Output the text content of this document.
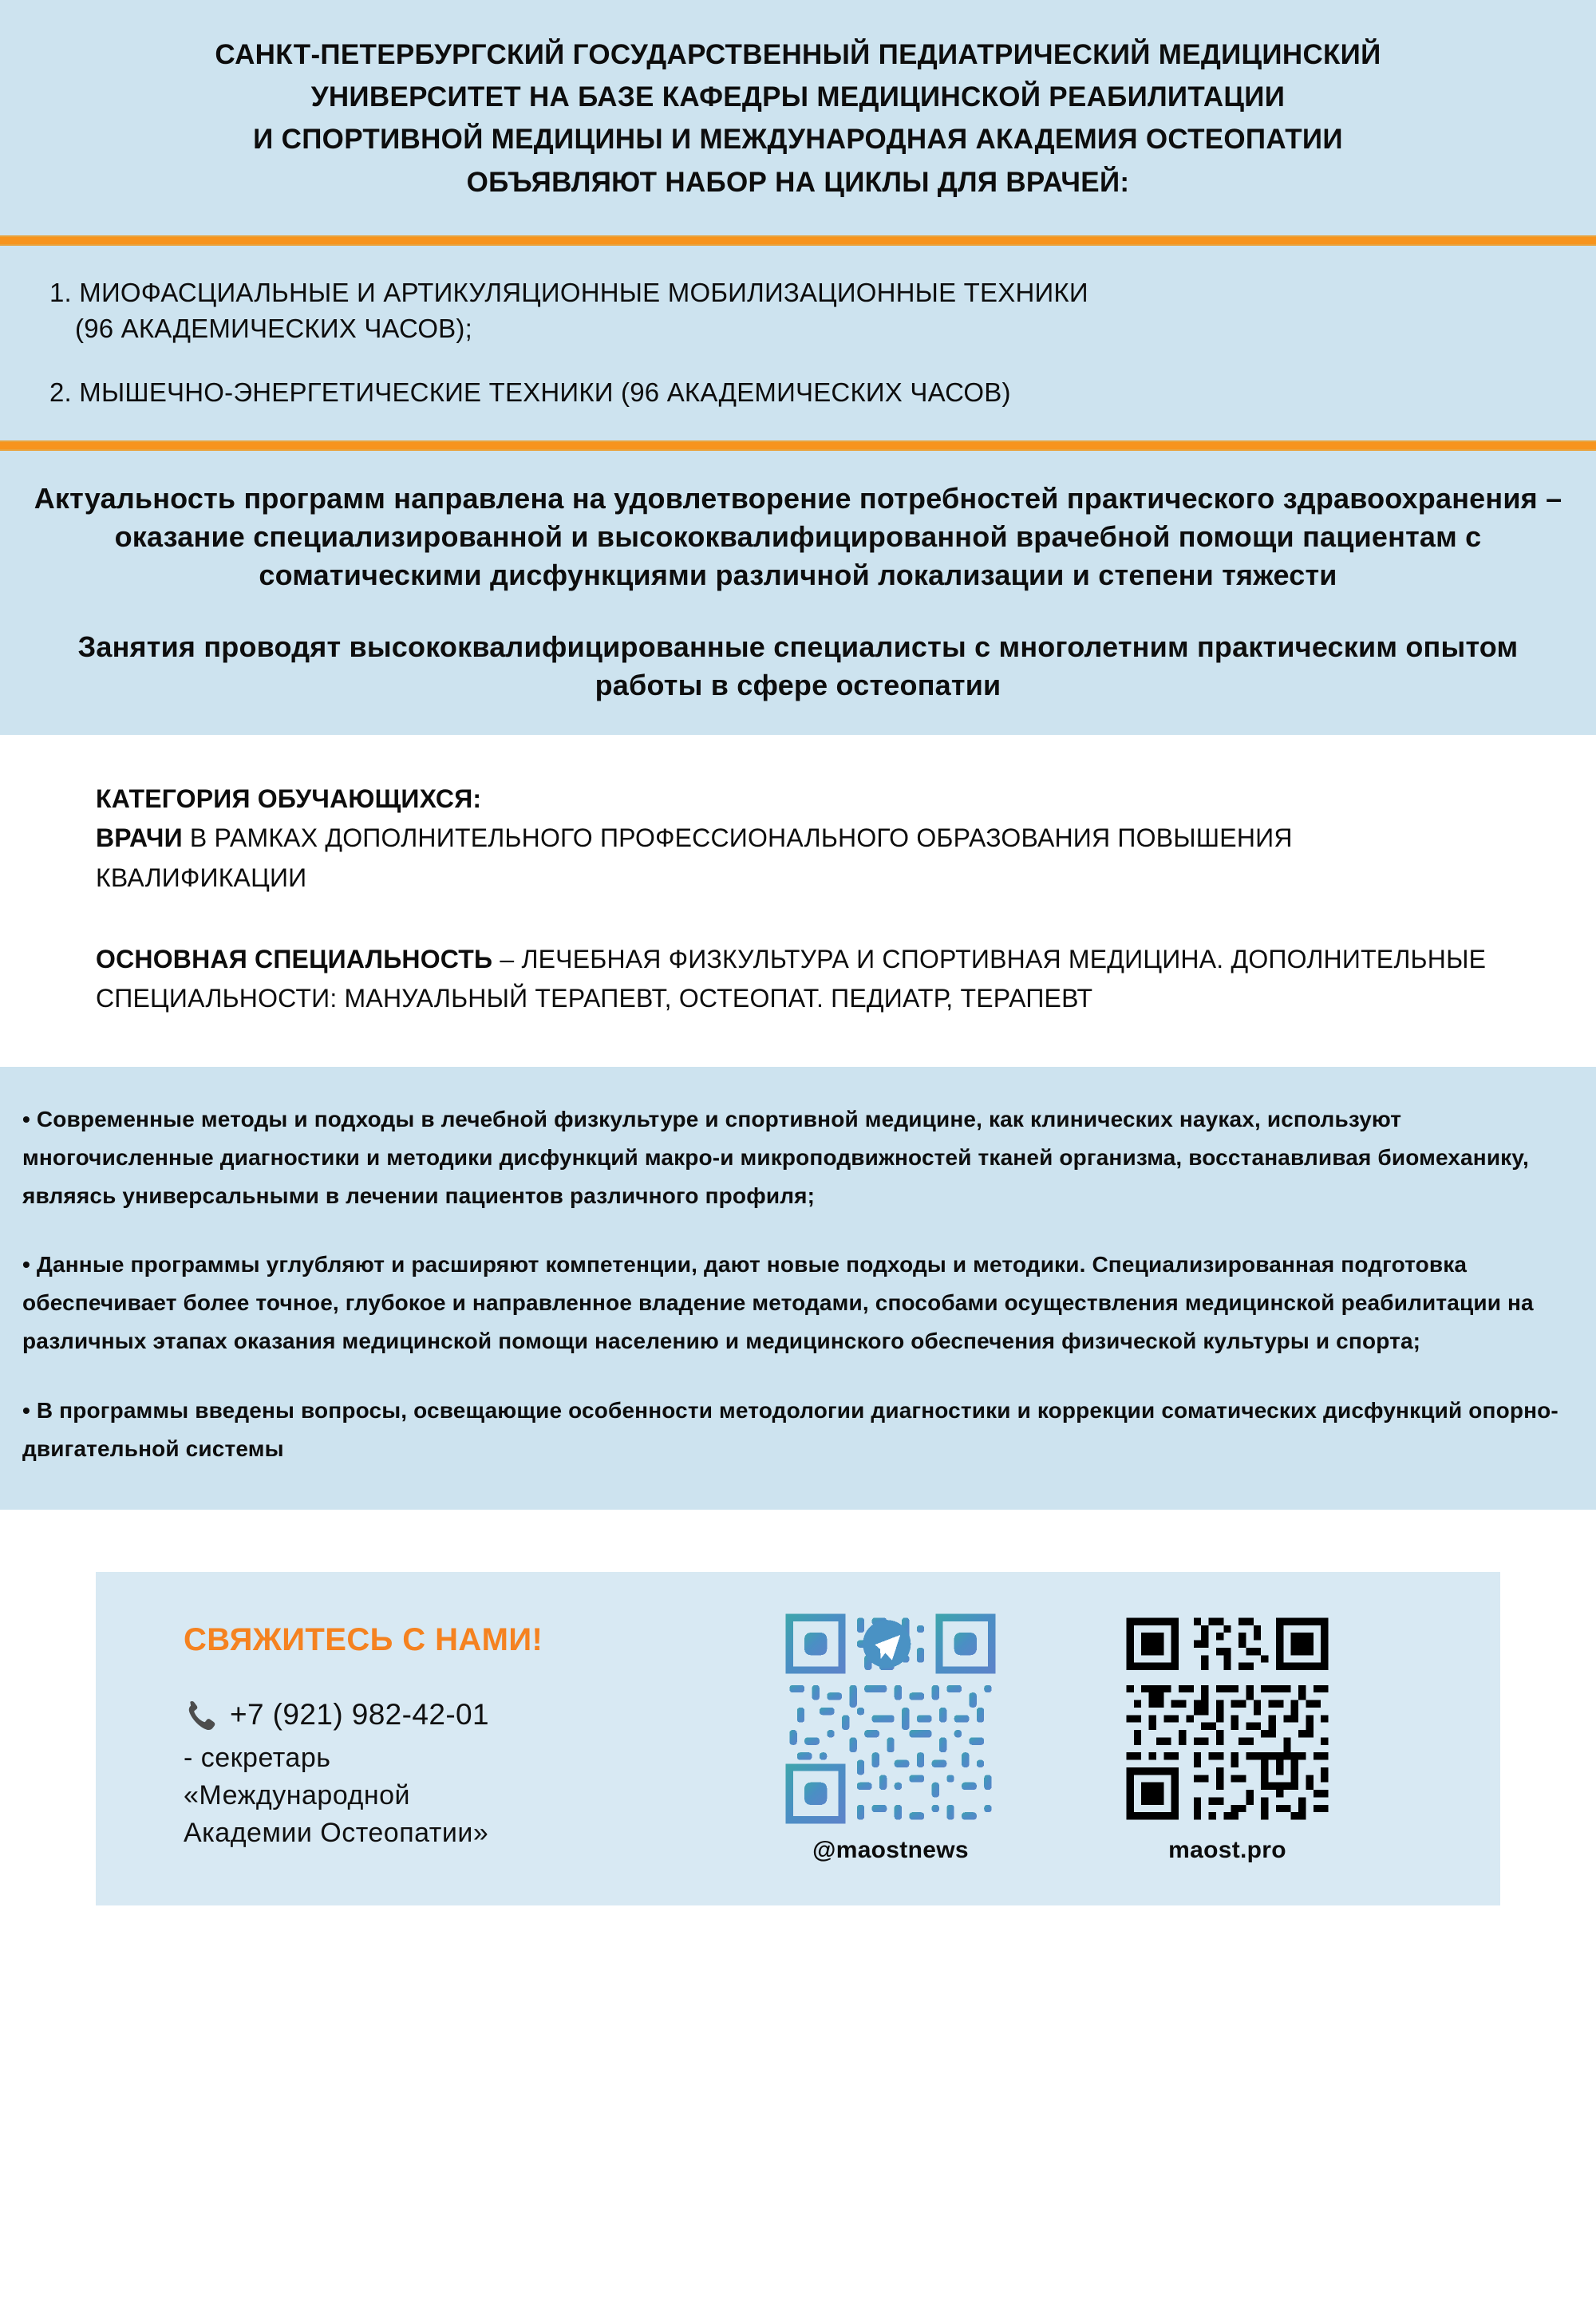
САНКТ-ПЕТЕРБУРГСКИЙ ГОСУДАРСТВЕННЫЙ ПЕДИАТРИЧЕСКИЙ МЕДИЦИНСКИЙ
УНИВЕРСИТЕТ НА БАЗЕ КАФЕДРЫ МЕДИЦИНСКОЙ РЕАБИЛИТАЦИИ
И СПОРТИВНОЙ МЕДИЦИНЫ И МЕЖДУНАРОДНАЯ АКАДЕМИЯ ОСТЕОПАТИИ
ОБЪЯВЛЯЮТ НАБОР НА ЦИКЛЫ ДЛЯ ВРАЧЕЙ:
1. МИОФАСЦИАЛЬНЫЕ И АРТИКУЛЯЦИОННЫЕ МОБИЛИЗАЦИОННЫЕ ТЕХНИКИ
(96 АКАДЕМИЧЕСКИХ ЧАСОВ);
2. МЫШЕЧНО-ЭНЕРГЕТИЧЕСКИЕ ТЕХНИКИ (96 АКАДЕМИЧЕСКИХ ЧАСОВ)

Актуальность программ направлена на удовлетворение потребностей практического здравоохранения – оказание специализированной и высококвалифицированной врачебной помощи пациентам с соматическими дисфункциями различной локализации и степени тяжести

Занятия проводят высококвалифицированные специалисты с многолетним практическим опытом работы в сфере остеопатии

КАТЕГОРИЯ ОБУЧАЮЩИХСЯ:
ВРАЧИ В РАМКАХ ДОПОЛНИТЕЛЬНОГО ПРОФЕССИОНАЛЬНОГО ОБРАЗОВАНИЯ ПОВЫШЕНИЯ КВАЛИФИКАЦИИ
ОСНОВНАЯ СПЕЦИАЛЬНОСТЬ – ЛЕЧЕБНАЯ ФИЗКУЛЬТУРА И СПОРТИВНАЯ МЕДИЦИНА. ДОПОЛНИТЕЛЬНЫЕ СПЕЦИАЛЬНОСТИ: МАНУАЛЬНЫЙ ТЕРАПЕВТ, ОСТЕОПАТ. ПЕДИАТР, ТЕРАПЕВТ
• Современные методы и подходы в лечебной физкультуре и спортивной медицине, как клинических науках, используют многочисленные диагностики и методики дисфункций макро-и микроподвижностей тканей организма, восстанавливая биомеханику, являясь универсальными в лечении пациентов различного профиля;
• Данные программы углубляют и расширяют компетенции, дают новые подходы и методики. Специализированная подготовка обеспечивает более точное, глубокое и направленное владение методами, способами осуществления медицинской реабилитации на различных этапах оказания медицинской помощи населению и медицинского обеспечения физической культуры и спорта;
• В программы введены вопросы, освещающие особенности методологии диагностики и коррекции соматических дисфункций опорно-двигательной системы
СВЯЖИТЕСЬ С НАМИ!
+7 (921) 982-42-01
- секретарь
«Международной
Академии Остеопатии»
@maostnews	maost.pro
